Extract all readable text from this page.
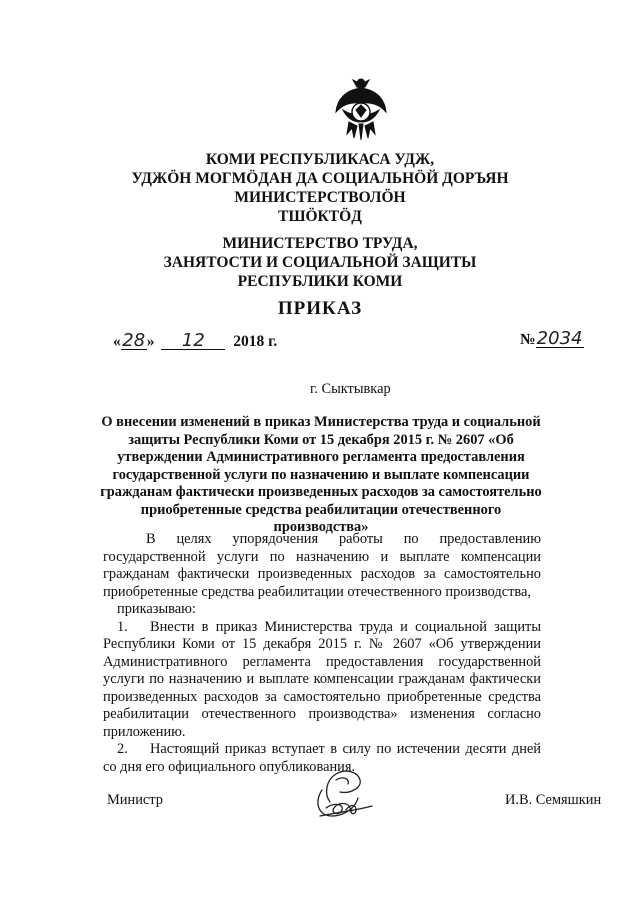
КОМИ РЕСПУБЛИКАСА УДЖ,
УДЖÖН МОГМÖДАН ДА СОЦИАЛЬНÖЙ ДОРЪЯН
МИНИСТЕРСТВОЛÖН
ТШÖКТÖД
МИНИСТЕРСТВО ТРУДА,
ЗАНЯТОСТИ И СОЦИАЛЬНОЙ ЗАЩИТЫ
РЕСПУБЛИКИ КОМИ
ПРИКАЗ
«28» 12 2018 г.	№2034
г. Сыктывкар
О внесении изменений в приказ Министерства труда и социальной защиты Республики Коми от 15 декабря 2015 г. № 2607 «Об утверждении Административного регламента предоставления государственной услуги по назначению и выплате компенсации гражданам фактически произведенных расходов за самостоятельно приобретенные средства реабилитации отечественного производства»

В целях упорядочения работы по предоставлению государственной услуги по назначению и выплате компенсации гражданам фактически произведенных расходов за самостоятельно приобретенные средства реабилитации отечественного производства,

приказываю:

1. Внести в приказ Министерства труда и социальной защиты Республики Коми от 15 декабря 2015 г. № 2607 «Об утверждении Административного регламента предоставления государственной услуги по назначению и выплате компенсации гражданам фактически произведенных расходов за самостоятельно приобретенные средства реабилитации отечественного производства» изменения согласно приложению.

2. Настоящий приказ вступает в силу по истечении десяти дней со дня его официального опубликования.

Министр	И.В. Семяшкин
